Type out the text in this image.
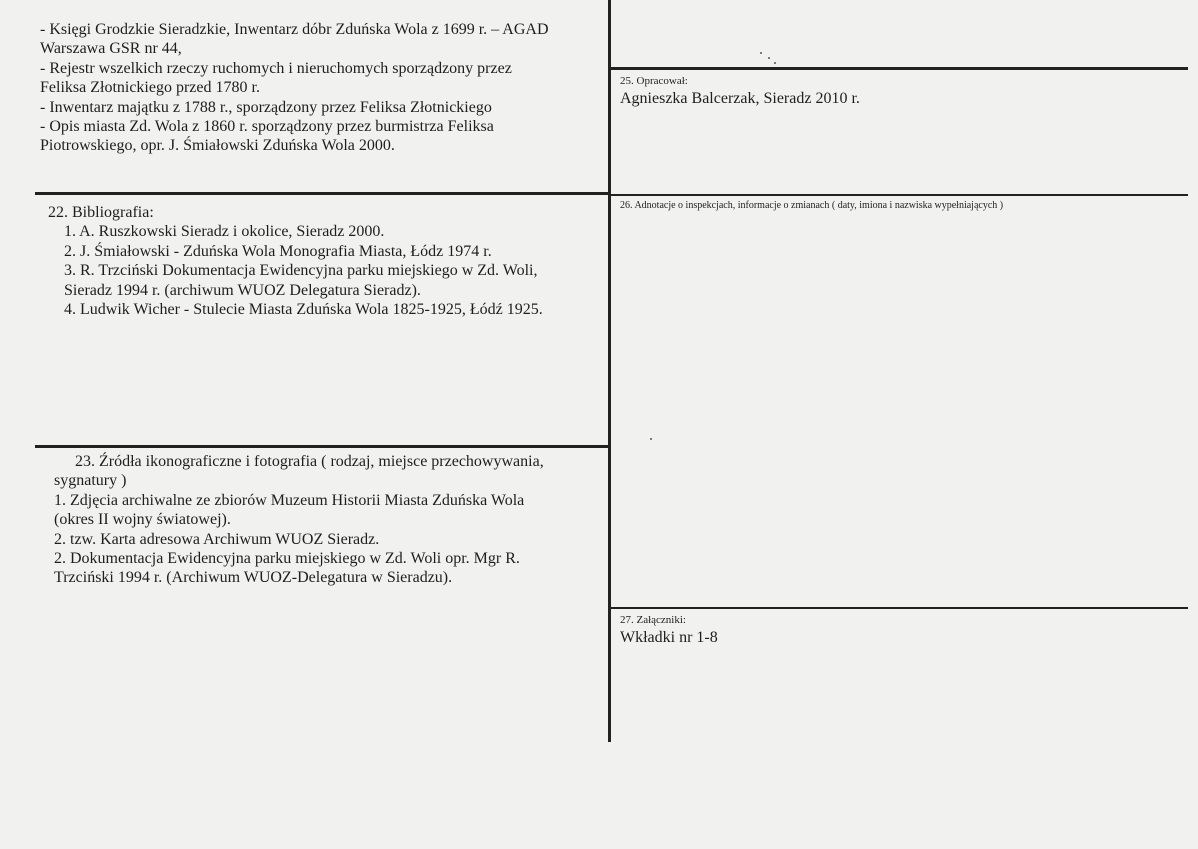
- Księgi Grodzkie Sieradzkie, Inwentarz dóbr Zduńska Wola z 1699 r. – AGAD
Warszawa GSR nr 44,
- Rejestr wszelkich rzeczy ruchomych i nieruchomych sporządzony przez
Feliksa Złotnickiego przed 1780 r.
- Inwentarz majątku z 1788 r., sporządzony przez Feliksa Złotnickiego
- Opis miasta Zd. Wola z 1860 r. sporządzony przez burmistrza Feliksa
Piotrowskiego, opr. J. Śmiałowski Zduńska Wola 2000.
22. Bibliografia:
1. A. Ruszkowski Sieradz i okolice, Sieradz 2000.
2. J. Śmiałowski - Zduńska Wola Monografia Miasta, Łódz 1974 r.
3. R. Trzciński Dokumentacja Ewidencyjna parku miejskiego w Zd. Woli,
Sieradz 1994 r. (archiwum WUOZ Delegatura Sieradz).
4. Ludwik Wicher - Stulecie Miasta Zduńska Wola 1825-1925, Łódź 1925.
23. Źródła ikonograficzne i fotografia ( rodzaj, miejsce przechowywania,
sygnatury )
1. Zdjęcia archiwalne ze zbiorów Muzeum Historii Miasta Zduńska Wola
(okres II wojny światowej).
2. tzw. Karta adresowa Archiwum WUOZ Sieradz.
2. Dokumentacja Ewidencyjna parku miejskiego w Zd. Woli opr. Mgr R.
Trzciński 1994 r. (Archiwum WUOZ-Delegatura w Sieradzu).
25. Opracował:
Agnieszka Balcerzak, Sieradz 2010 r.
26. Adnotacje o inspekcjach, informacje o zmianach ( daty, imiona i nazwiska wypełniających )
27. Załączniki:
Wkładki nr 1-8
